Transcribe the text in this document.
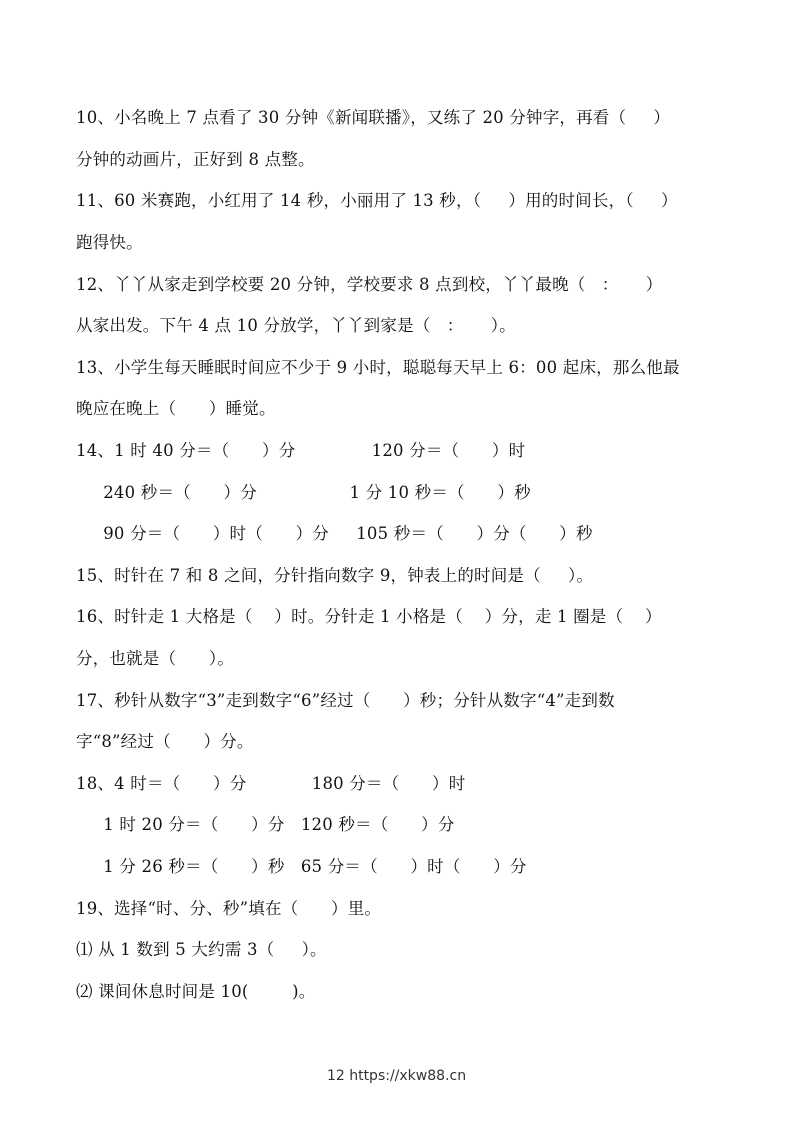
10、小名晚上 7 点看了 30 分钟《新闻联播》，又练了 20 分钟字，再看（     ）
分钟的动画片，正好到 8 点整。
11、60 米赛跑，小红用了 14 秒，小丽用了 13 秒，（     ）用的时间长，（     ）
跑得快。
12、丫丫从家走到学校要 20 分钟，学校要求 8 点到校，丫丫最晚（   ：     ）
从家出发。下午 4 点 10 分放学，丫丫到家是（   ：     ）。
13、小学生每天睡眠时间应不少于 9 小时，聪聪每天早上 6：00 起床，那么他最
晚应在晚上（      ）睡觉。
14、1 时 40 分＝（      ）分              120 分＝（      ）时
240 秒＝（      ）分                 1 分 10 秒＝（      ）秒
90 分＝（      ）时（      ）分     105 秒＝（      ）分（      ）秒
15、时针在 7 和 8 之间，分针指向数字 9，钟表上的时间是（     ）。
16、时针走 1 大格是（    ）时。分针走 1 小格是（    ）分，走 1 圈是（    ）
分，也就是（      ）。
17、秒针从数字“3”走到数字“6”经过（      ）秒；分针从数字“4”走到数
字“8”经过（      ）分。
18、4 时＝（      ）分            180 分＝（      ）时
1 时 20 分＝（      ）分   120 秒＝（      ）分
1 分 26 秒＝（      ）秒   65 分＝（      ）时（      ）分
19、选择“时、分、秒”填在（      ）里。
⑴ 从 1 数到 5 大约需 3（     ）。
⑵ 课间休息时间是 10(        )。
12 https://xkw88.cn
